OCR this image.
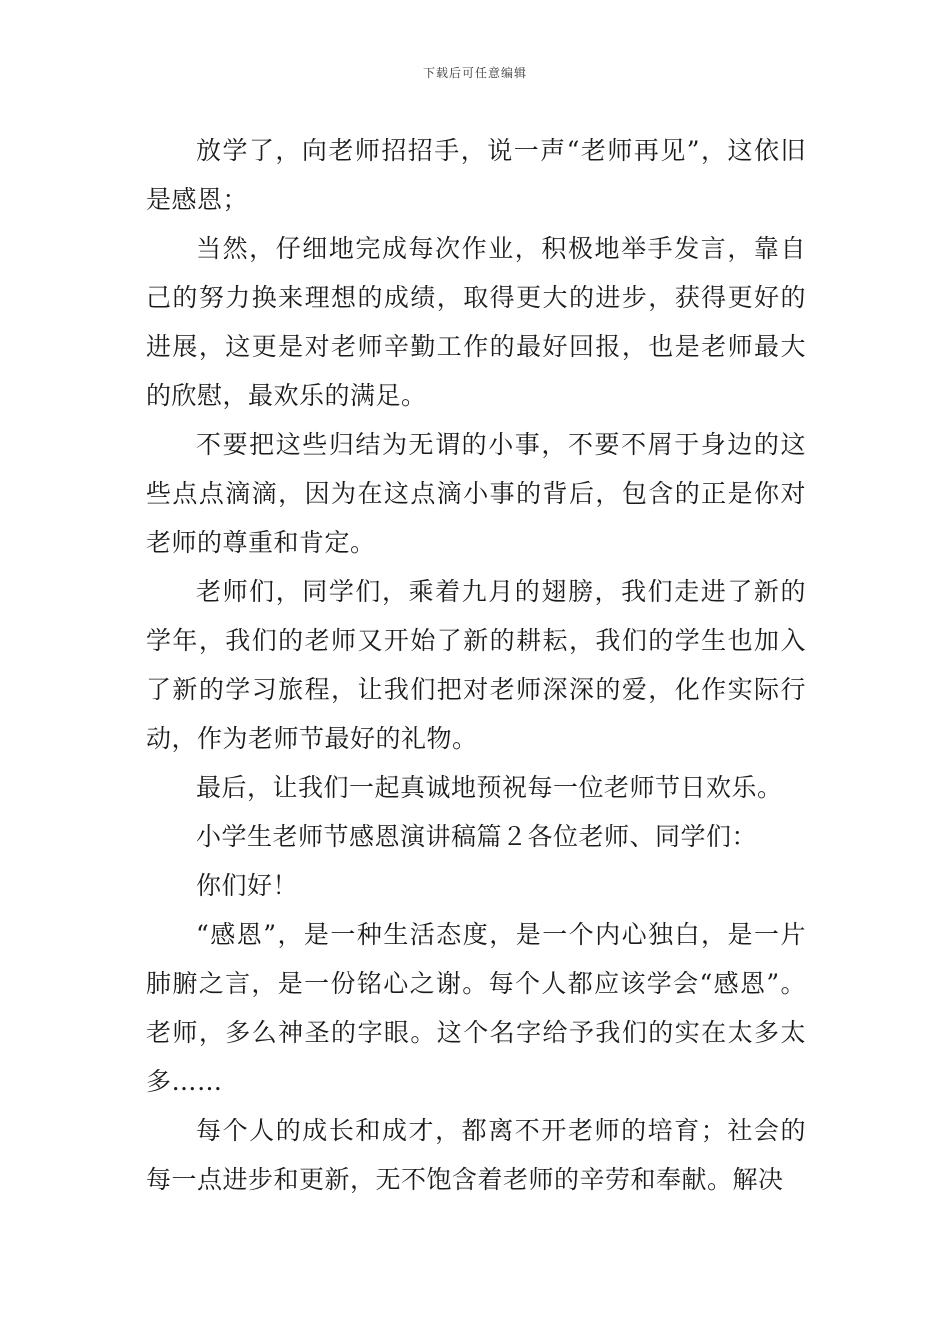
下载后可任意编辑

放学了，向老师招招手，说一声“老师再见”，这依旧是感恩；

当然，仔细地完成每次作业，积极地举手发言，靠自己的努力换来理想的成绩，取得更大的进步，获得更好的进展，这更是对老师辛勤工作的最好回报，也是老师最大的欣慰，最欢乐的满足。

不要把这些归结为无谓的小事，不要不屑于身边的这些点点滴滴，因为在这点滴小事的背后，包含的正是你对老师的尊重和肯定。

老师们，同学们，乘着九月的翅膀，我们走进了新的学年，我们的老师又开始了新的耕耘，我们的学生也加入了新的学习旅程，让我们把对老师深深的爱，化作实际行动，作为老师节最好的礼物。

最后，让我们一起真诚地预祝每一位老师节日欢乐。

小学生老师节感恩演讲稿篇２各位老师、同学们：

你们好！

“感恩”，是一种生活态度，是一个内心独白，是一片肺腑之言，是一份铭心之谢。每个人都应该学会“感恩”。老师，多么神圣的字眼。这个名字给予我们的实在太多太多……

每个人的成长和成才，都离不开老师的培育；社会的每一点进步和更新，无不饱含着老师的辛劳和奉献。解决
